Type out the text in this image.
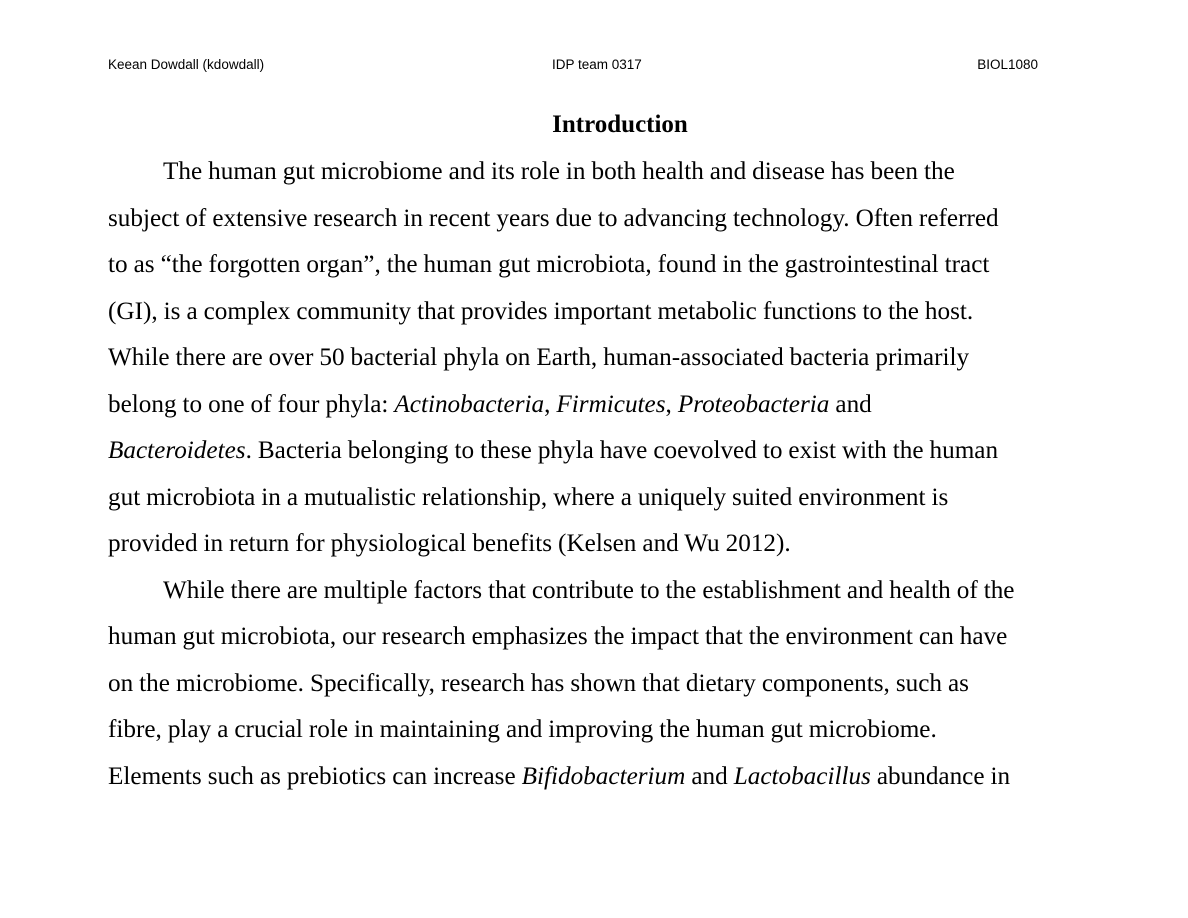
Keean Dowdall (kdowdall)	IDP team 0317	BIOL1080
Introduction
The human gut microbiome and its role in both health and disease has been the
subject of extensive research in recent years due to advancing technology. Often referred
to as “the forgotten organ”, the human gut microbiota, found in the gastrointestinal tract
(GI), is a complex community that provides important metabolic functions to the host.
While there are over 50 bacterial phyla on Earth, human-associated bacteria primarily
belong to one of four phyla: Actinobacteria, Firmicutes, Proteobacteria and
Bacteroidetes. Bacteria belonging to these phyla have coevolved to exist with the human
gut microbiota in a mutualistic relationship, where a uniquely suited environment is
provided in return for physiological benefits (Kelsen and Wu 2012).
While there are multiple factors that contribute to the establishment and health of the
human gut microbiota, our research emphasizes the impact that the environment can have
on the microbiome. Specifically, research has shown that dietary components, such as
fibre, play a crucial role in maintaining and improving the human gut microbiome.
Elements such as prebiotics can increase Bifidobacterium and Lactobacillus abundance in
